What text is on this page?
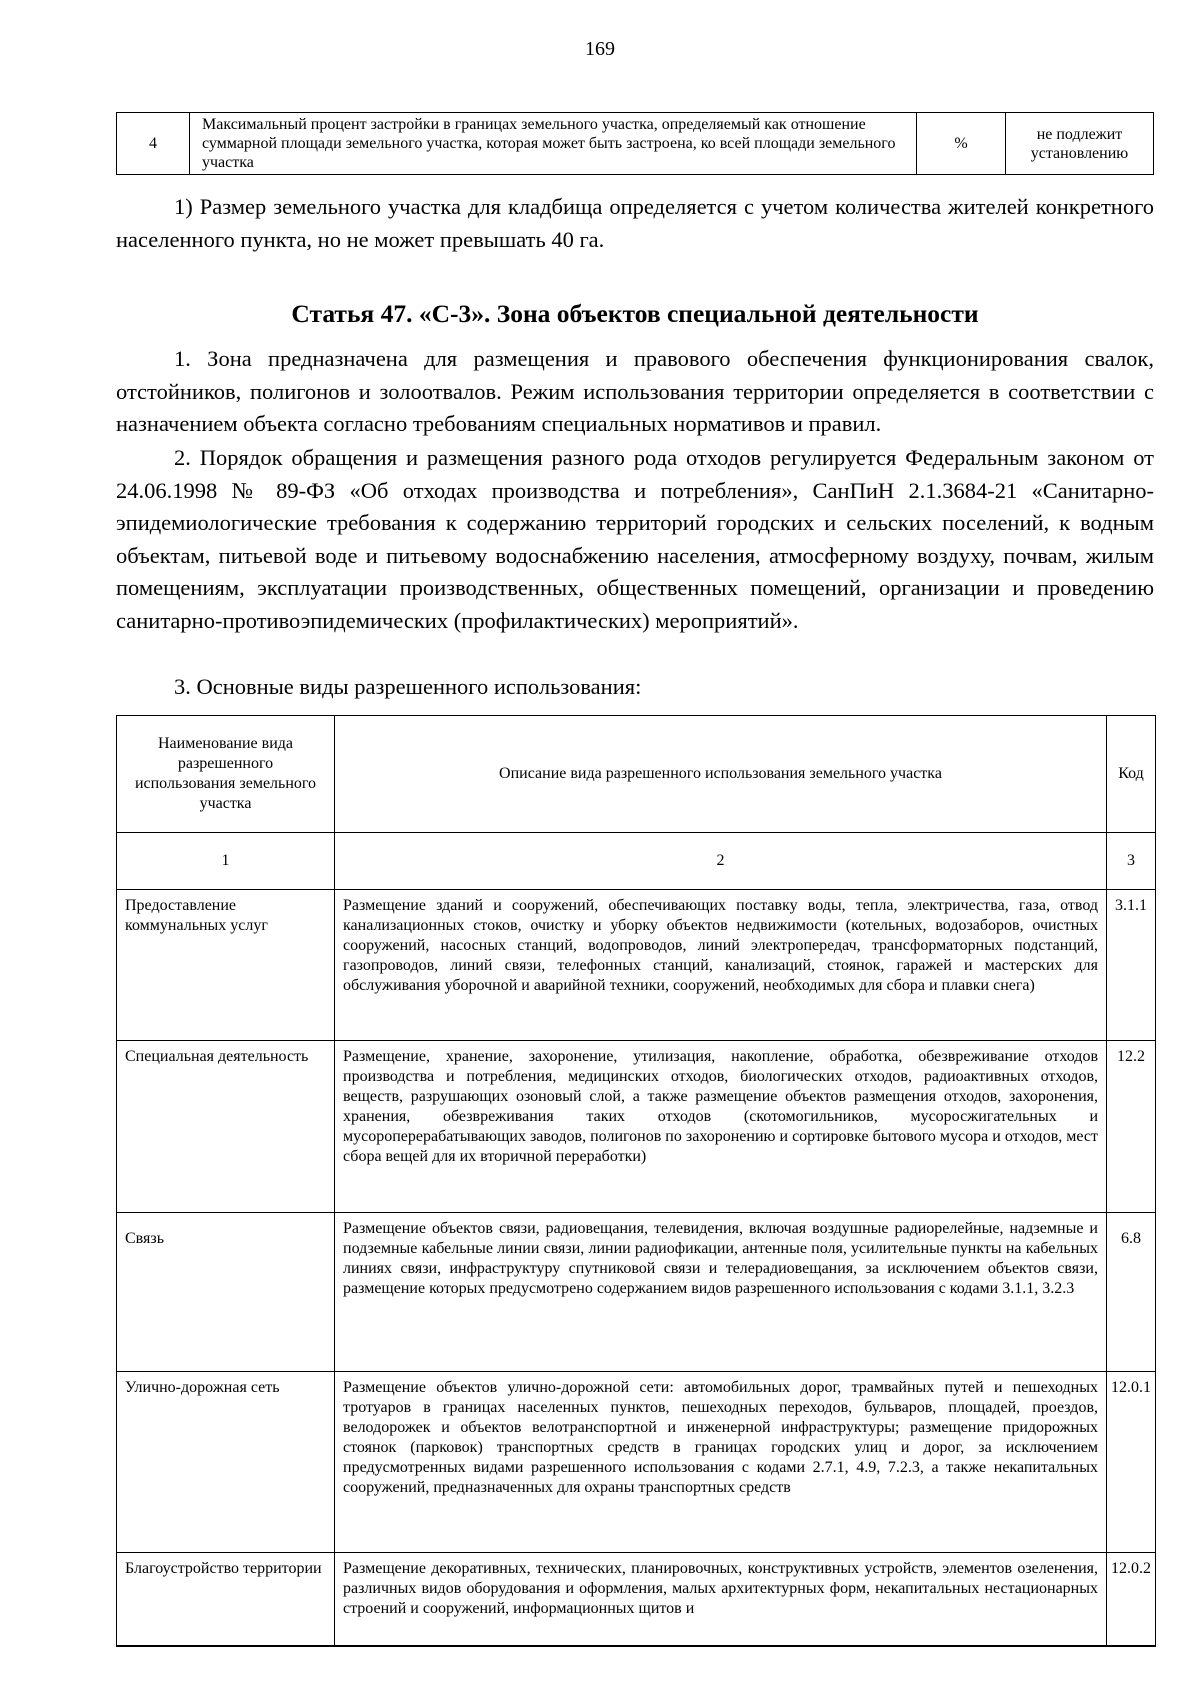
169
4	Максимальный процент застройки в границах земельного участка, определяемый как отношение суммарной площади земельного участка, которая может быть застроена, ко всей площади земельного участка	%	не подлежит установлению
1) Размер земельного участка для кладбища определяется с учетом количества жителей конкретного населенного пункта, но не может превышать 40 га.
Статья 47. «С-3». Зона объектов специальной деятельности
1. Зона предназначена для размещения и правового обеспечения функционирования свалок, отстойников, полигонов и золоотвалов. Режим использования территории определяется в соответствии с назначением объекта согласно требованиям специальных нормативов и правил.
2. Порядок обращения и размещения разного рода отходов регулируется Федеральным законом от 24.06.1998 № 89-ФЗ «Об отходах производства и потребления», СанПиН 2.1.3684-21 «Санитарно-эпидемиологические требования к содержанию территорий городских и сельских поселений, к водным объектам, питьевой воде и питьевому водоснабжению населения, атмосферному воздуху, почвам, жилым помещениям, эксплуатации производственных, общественных помещений, организации и проведению санитарно-противоэпидемических (профилактических) мероприятий».
3. Основные виды разрешенного использования:
Наименование вида разрешенного использования земельного участка	Описание вида разрешенного использования земельного участка	Код
1	2	3
Предоставление коммунальных услуг	Размещение зданий и сооружений, обеспечивающих поставку воды, тепла, электричества, газа, отвод канализационных стоков, очистку и уборку объектов недвижимости (котельных, водозаборов, очистных сооружений, насосных станций, водопроводов, линий электропередач, трансформаторных подстанций, газопроводов, линий связи, телефонных станций, канализаций, стоянок, гаражей и мастерских для обслуживания уборочной и аварийной техники, сооружений, необходимых для сбора и плавки снега)	3.1.1
Специальная деятельность	Размещение, хранение, захоронение, утилизация, накопление, обработка, обезвреживание отходов производства и потребления, медицинских отходов, биологических отходов, радиоактивных отходов, веществ, разрушающих озоновый слой, а также размещение объектов размещения отходов, захоронения, хранения, обезвреживания таких отходов (скотомогильников, мусоросжигательных и мусороперерабатывающих заводов, полигонов по захоронению и сортировке бытового мусора и отходов, мест сбора вещей для их вторичной переработки)	12.2
Связь	Размещение объектов связи, радиовещания, телевидения, включая воздушные радиорелейные, надземные и подземные кабельные линии связи, линии радиофикации, антенные поля, усилительные пункты на кабельных линиях связи, инфраструктуру спутниковой связи и телерадиовещания, за исключением объектов связи, размещение которых предусмотрено содержанием видов разрешенного использования с кодами 3.1.1, 3.2.3	6.8
Улично-дорожная сеть	Размещение объектов улично-дорожной сети: автомобильных дорог, трамвайных путей и пешеходных тротуаров в границах населенных пунктов, пешеходных переходов, бульваров, площадей, проездов, велодорожек и объектов велотранспортной и инженерной инфраструктуры; размещение придорожных стоянок (парковок) транспортных средств в границах городских улиц и дорог, за исключением предусмотренных видами разрешенного использования с кодами 2.7.1, 4.9, 7.2.3, а также некапитальных сооружений, предназначенных для охраны транспортных средств	12.0.1
Благоустройство территории	Размещение декоративных, технических, планировочных, конструктивных устройств, элементов озеленения, различных видов оборудования и оформления, малых архитектурных форм, некапитальных нестационарных строений и сооружений, информационных щитов и	12.0.2
